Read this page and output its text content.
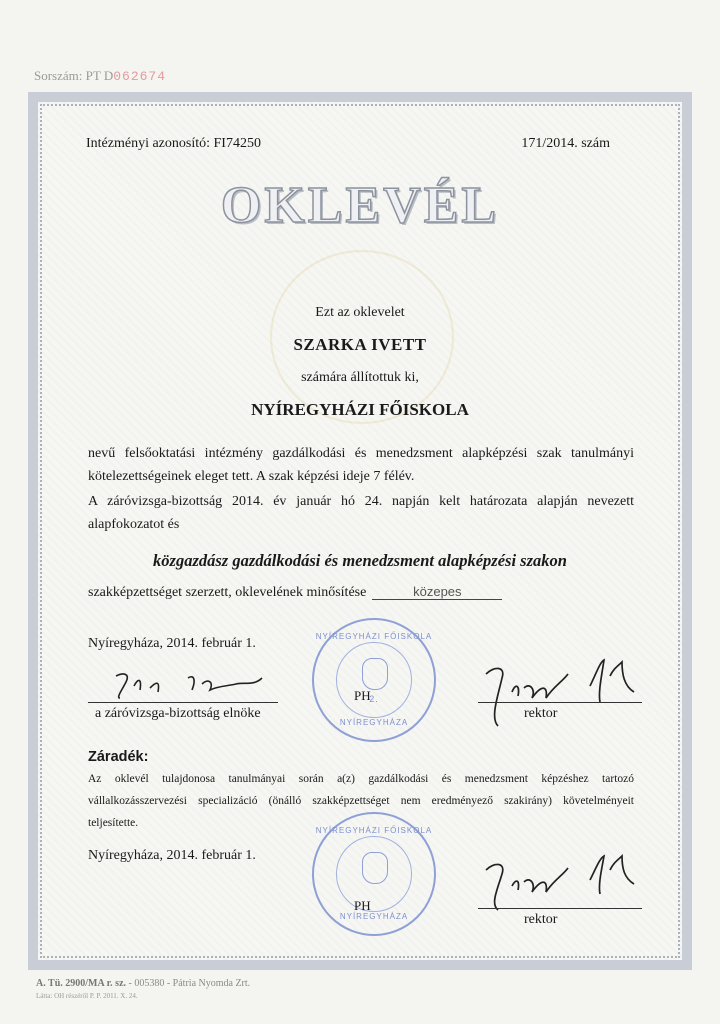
Sorszám: PT D062674
Intézményi azonosító: FI74250	171/2014. szám
OKLEVÉL
Ezt az oklevelet
SZARKA IVETT
számára állítottuk ki,
NYÍREGYHÁZI FŐISKOLA
nevű felsőoktatási intézmény gazdálkodási és menedzsment alapképzési szak tanulmányi
kötelezettségeinek eleget tett. A szak képzési ideje 7 félév.
A záróvizsga-bizottság 2014. év január hó 24. napján kelt határozata alapján nevezett
alapfokozatot és
közgazdász gazdálkodási és menedzsment alapképzési szakon
szakképzettséget szerzett, oklevelének minősítése	közepes
Nyíregyháza, 2014. február 1.
a záróvizsga-bizottság elnöke
NYÍREGYHÁZI FŐISKOLA
2.
NYÍREGYHÁZA
PH
rektor
Záradék:
Az oklevél tulajdonosa tanulmányai során a(z) gazdálkodási és menedzsment képzéshez tartozó
vállalkozásszervezési specializáció (önálló szakképzettséget nem eredményező szakirány) követelményeit
teljesítette.
Nyíregyháza, 2014. február 1.
NYÍREGYHÁZI FŐISKOLA
NYÍREGYHÁZA
PH
rektor
A. Tü. 2900/MA r. sz. - 005380 - Pátria Nyomda Zrt.
Látta: OH részéről P. P. 2011. X. 24.
